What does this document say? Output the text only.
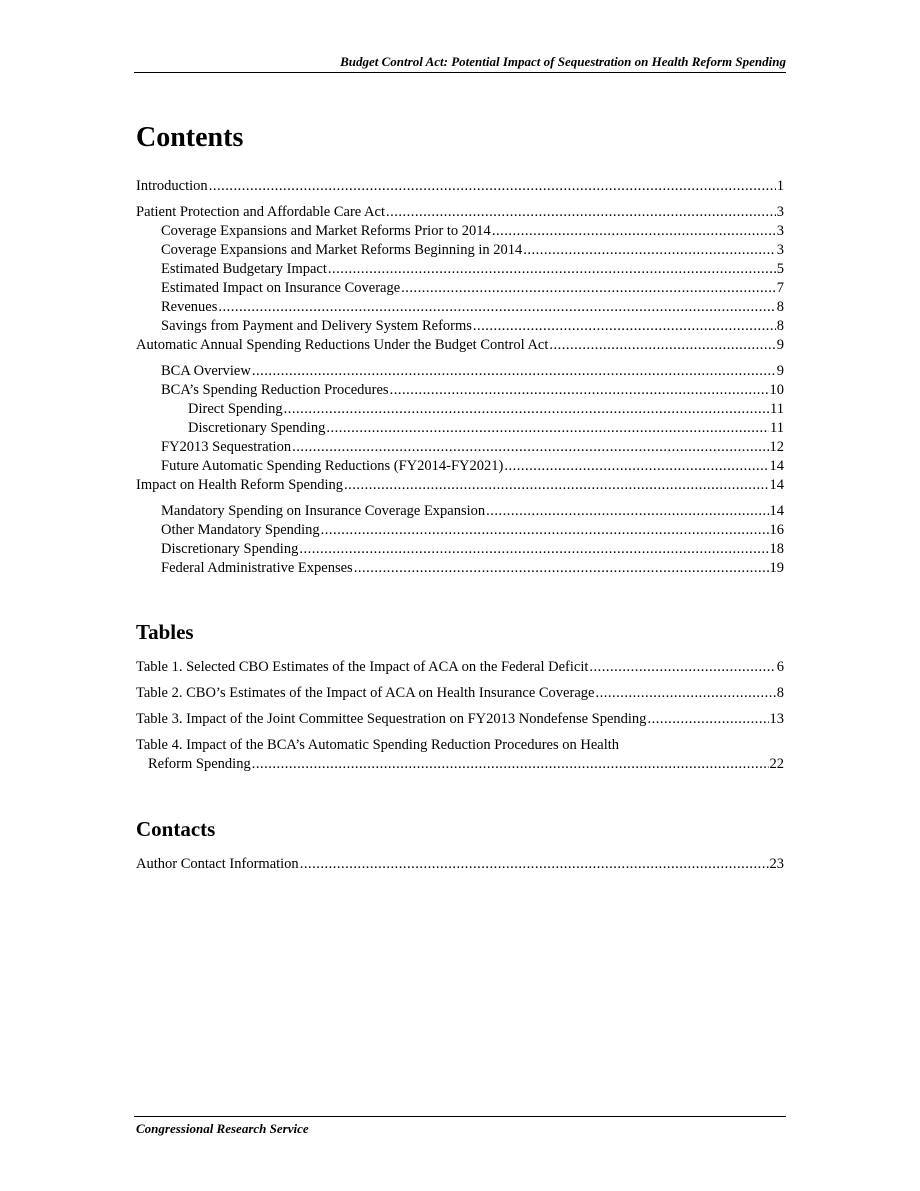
Budget Control Act: Potential Impact of Sequestration on Health Reform Spending
Contents
Introduction .....	1
Patient Protection and Affordable Care Act .....	3
Coverage Expansions and Market Reforms Prior to 2014 .....	3
Coverage Expansions and Market Reforms Beginning in 2014 .....	3
Estimated Budgetary Impact .....	5
Estimated Impact on Insurance Coverage .....	7
Revenues .....	8
Savings from Payment and Delivery System Reforms .....	8
Automatic Annual Spending Reductions Under the Budget Control Act .....	9
BCA Overview .....	9
BCA’s Spending Reduction Procedures .....	10
Direct Spending .....	11
Discretionary Spending .....	11
FY2013 Sequestration .....	12
Future Automatic Spending Reductions (FY2014-FY2021) .....	14
Impact on Health Reform Spending .....	14
Mandatory Spending on Insurance Coverage Expansion .....	14
Other Mandatory Spending .....	16
Discretionary Spending .....	18
Federal Administrative Expenses .....	19
Tables
Table 1. Selected CBO Estimates of the Impact of ACA on the Federal Deficit .....	6
Table 2. CBO’s Estimates of the Impact of ACA on Health Insurance Coverage .....	8
Table 3. Impact of the Joint Committee Sequestration on FY2013 Nondefense Spending .....	13
Table 4. Impact of the BCA’s Automatic Spending Reduction Procedures on Health
Reform Spending .....	22
Contacts
Author Contact Information .....	23
Congressional Research Service
